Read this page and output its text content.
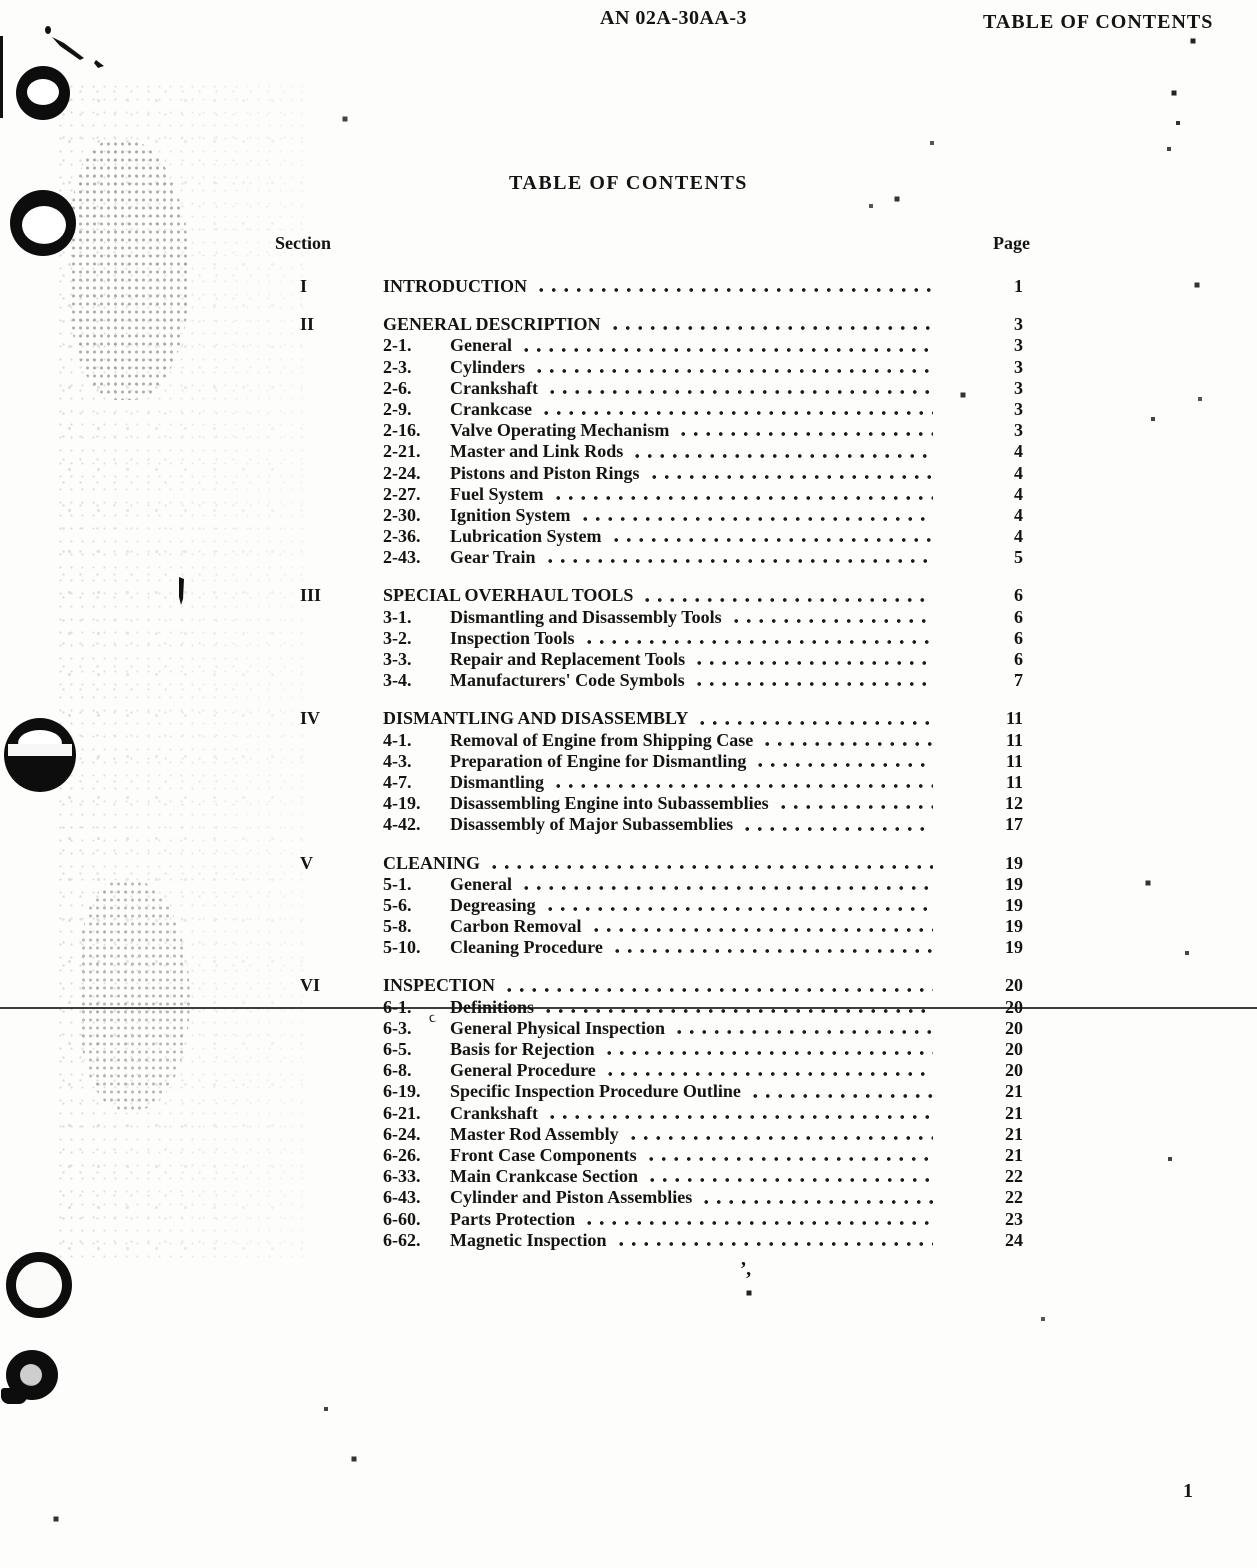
ϲ
’ ,
AN 02A-30AA-3	TABLE OF CONTENTS
TABLE OF CONTENTS
Section	Page
I	INTRODUCTION	1
II	GENERAL DESCRIPTION	3
2-1.	General	3
2-3.	Cylinders	3
2-6.	Crankshaft	3
2-9.	Crankcase	3
2-16.	Valve Operating Mechanism	3
2-21.	Master and Link Rods	4
2-24.	Pistons and Piston Rings	4
2-27.	Fuel System	4
2-30.	Ignition System	4
2-36.	Lubrication System	4
2-43.	Gear Train	5
III	SPECIAL OVERHAUL TOOLS	6
3-1.	Dismantling and Disassembly Tools	6
3-2.	Inspection Tools	6
3-3.	Repair and Replacement Tools	6
3-4.	Manufacturers' Code Symbols	7
IV	DISMANTLING AND DISASSEMBLY	11
4-1.	Removal of Engine from Shipping Case	11
4-3.	Preparation of Engine for Dismantling	11
4-7.	Dismantling	11
4-19.	Disassembling Engine into Subassemblies	12
4-42.	Disassembly of Major Subassemblies	17
V	CLEANING	19
5-1.	General	19
5-6.	Degreasing	19
5-8.	Carbon Removal	19
5-10.	Cleaning Procedure	19
VI	INSPECTION	20
6-1.	Definitions	20
6-3.	General Physical Inspection	20
6-5.	Basis for Rejection	20
6-8.	General Procedure	20
6-19.	Specific Inspection Procedure Outline	21
6-21.	Crankshaft	21
6-24.	Master Rod Assembly	21
6-26.	Front Case Components	21
6-33.	Main Crankcase Section	22
6-43.	Cylinder and Piston Assemblies	22
6-60.	Parts Protection	23
6-62.	Magnetic Inspection	24
1
